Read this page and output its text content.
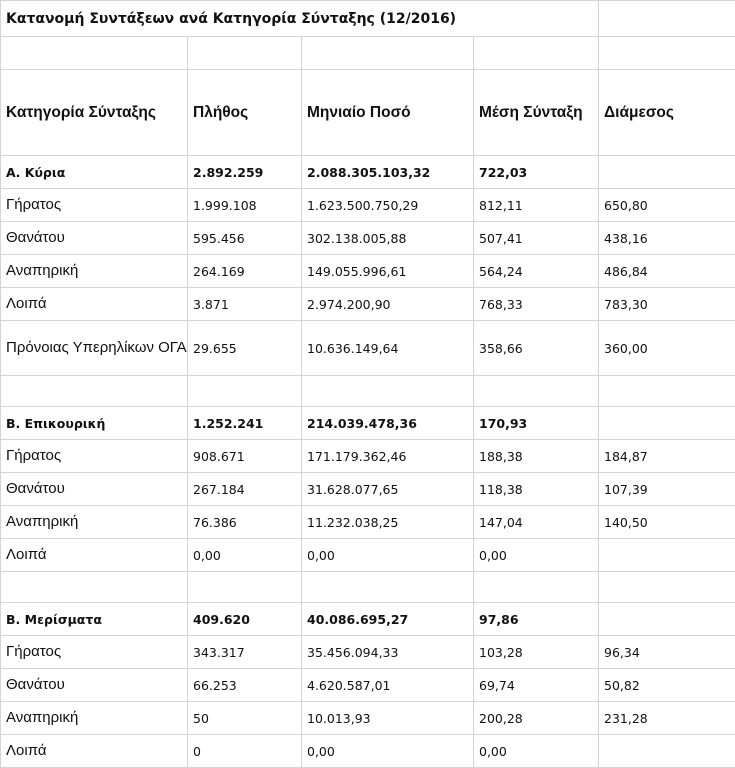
Κατανομή Συντάξεων ανά Κατηγορία Σύνταξης (12/2016)				

Κατηγορία Σύνταξης	Πλήθος	Μηνιαίο Ποσό	Μέση Σύνταξη	Διάμεσος
Α. Κύρια	2.892.259	2.088.305.103,32	722,03	
Γήρατος	1.999.108	1.623.500.750,29	812,11	650,80
Θανάτου	595.456	302.138.005,88	507,41	438,16
Αναπηρική	264.169	149.055.996,61	564,24	486,84
Λοιπά	3.871	2.974.200,90	768,33	783,30
Πρόνοιας Υπερηλίκων ΟΓΑ	29.655	10.636.149,64	358,66	360,00

Β. Επικουρική	1.252.241	214.039.478,36	170,93	
Γήρατος	908.671	171.179.362,46	188,38	184,87
Θανάτου	267.184	31.628.077,65	118,38	107,39
Αναπηρική	76.386	11.232.038,25	147,04	140,50
Λοιπά	0,00	0,00	0,00	

Β. Μερίσματα	409.620	40.086.695,27	97,86	
Γήρατος	343.317	35.456.094,33	103,28	96,34
Θανάτου	66.253	4.620.587,01	69,74	50,82
Αναπηρική	50	10.013,93	200,28	231,28
Λοιπά	0	0,00	0,00	
